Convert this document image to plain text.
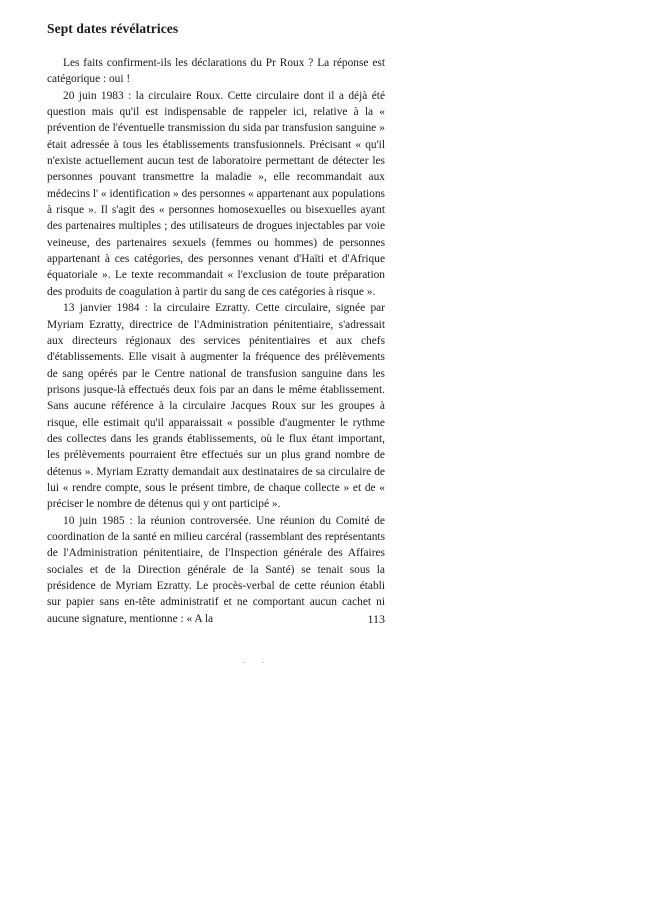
Sept dates révélatrices

Les faits confirment-ils les déclarations du Pr Roux ? La réponse est catégorique : oui !

20 juin 1983 : la circulaire Roux. Cette circulaire dont il a déjà été question mais qu'il est indispensable de rappeler ici, relative à la « prévention de l'éventuelle transmission du sida par transfusion sanguine » était adressée à tous les établissements transfusionnels. Précisant « qu'il n'existe actuellement aucun test de laboratoire permettant de détecter les personnes pouvant transmettre la maladie », elle recommandait aux médecins l' « identification » des personnes « appartenant aux populations à risque ». Il s'agit des « personnes homosexuelles ou bisexuelles ayant des partenaires multiples ; des utilisateurs de drogues injectables par voie veineuse, des partenaires sexuels (femmes ou hommes) de personnes appartenant à ces catégories, des personnes venant d'Haïti et d'Afrique équatoriale ». Le texte recommandait « l'exclusion de toute préparation des produits de coagulation à partir du sang de ces catégories à risque ».

13 janvier 1984 : la circulaire Ezratty. Cette circulaire, signée par Myriam Ezratty, directrice de l'Administration pénitentiaire, s'adressait aux directeurs régionaux des services pénitentiaires et aux chefs d'établissements. Elle visait à augmenter la fréquence des prélèvements de sang opérés par le Centre national de transfusion sanguine dans les prisons jusque-là effectués deux fois par an dans le même établissement. Sans aucune référence à la circulaire Jacques Roux sur les groupes à risque, elle estimait qu'il apparaissait « possible d'augmenter le rythme des collectes dans les grands établissements, où le flux étant important, les prélèvements pourraient être effectués sur un plus grand nombre de détenus ». Myriam Ezratty demandait aux destinataires de sa circulaire de lui « rendre compte, sous le présent timbre, de chaque collecte » et de « préciser le nombre de détenus qui y ont participé ».

10 juin 1985 : la réunion controversée. Une réunion du Comité de coordination de la santé en milieu carcéral (rassemblant des représentants de l'Administration pénitentiaire, de l'Inspection générale des Affaires sociales et de la Direction générale de la Santé) se tenait sous la présidence de Myriam Ezratty. Le procès-verbal de cette réunion établi sur papier sans en-tête administratif et ne comportant aucun cachet ni aucune signature, mentionne : « A la	113
